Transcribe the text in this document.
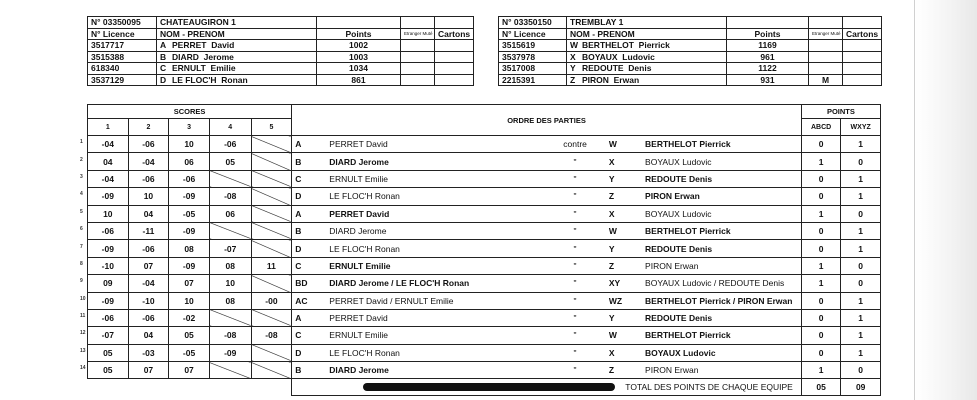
N° 03350095	CHATEAUGIRON 1			
N° Licence	NOM - PRENOM	Points	Etranger Muté	Cartons
3517717	A PERRET  David	1002		
3515388	B DIARD  Jerome	1003		
618340	C ERNULT  Emilie	1034		
3537129	D LE FLOC'H  Ronan	861		
N° 03350150	TREMBLAY 1			
N° Licence	NOM - PRENOM	Points	Etranger Muté	Cartons
3515619	W BERTHELOT  Pierrick	1169		
3537978	X BOYAUX  Ludovic	961		
3517008	Y REDOUTE  Denis	1122		
2215391	Z PIRON  Erwan	931	M	
SCORES					ORDRE DES PARTIES						POINTS	
1	2	3	4	5							ABCD	WXYZ

1 -04	-06	10	-06		A	PERRET David	contre		W	BERTHELOT Pierrick	0	1

2 04	-04	06	05		B	DIARD Jerome	"		X	BOYAUX Ludovic	1	0

3 -04	-06	-06			C	ERNULT Emilie	"		Y	REDOUTE Denis	0	1

4 -09	10	-09	-08		D	LE FLOC'H Ronan	"		Z	PIRON Erwan	0	1

5 10	04	-05	06		A	PERRET David	"		X	BOYAUX Ludovic	1	0

6 -06	-11	-09			B	DIARD Jerome	"		W	BERTHELOT Pierrick	0	1

7 -09	-06	08	-07		D	LE FLOC'H Ronan	"		Y	REDOUTE Denis	0	1

8 -10	07	-09	08	11	C	ERNULT Emilie	"		Z	PIRON Erwan	1	0

9 09	-04	07	10		BD	DIARD Jerome / LE FLOC'H Ronan	"		XY	BOYAUX Ludovic / REDOUTE Denis	1	0

10 -09	-10	10	08	-00	AC	PERRET David / ERNULT Emilie	"		WZ	BERTHELOT Pierrick / PIRON Erwan	0	1

11 -06	-06	-02			A	PERRET David	"		Y	REDOUTE Denis	0	1

12 -07	04	05	-08	-08	C	ERNULT Emilie	"		W	BERTHELOT Pierrick	0	1

13 05	-03	-05	-09		D	LE FLOC'H Ronan	"		X	BOYAUX Ludovic	0	1

14 05	07	07			B	DIARD Jerome	"		Z	PIRON Erwan	1	0
					TOTAL DES POINTS DE CHAQUE EQUIPE						05	09
